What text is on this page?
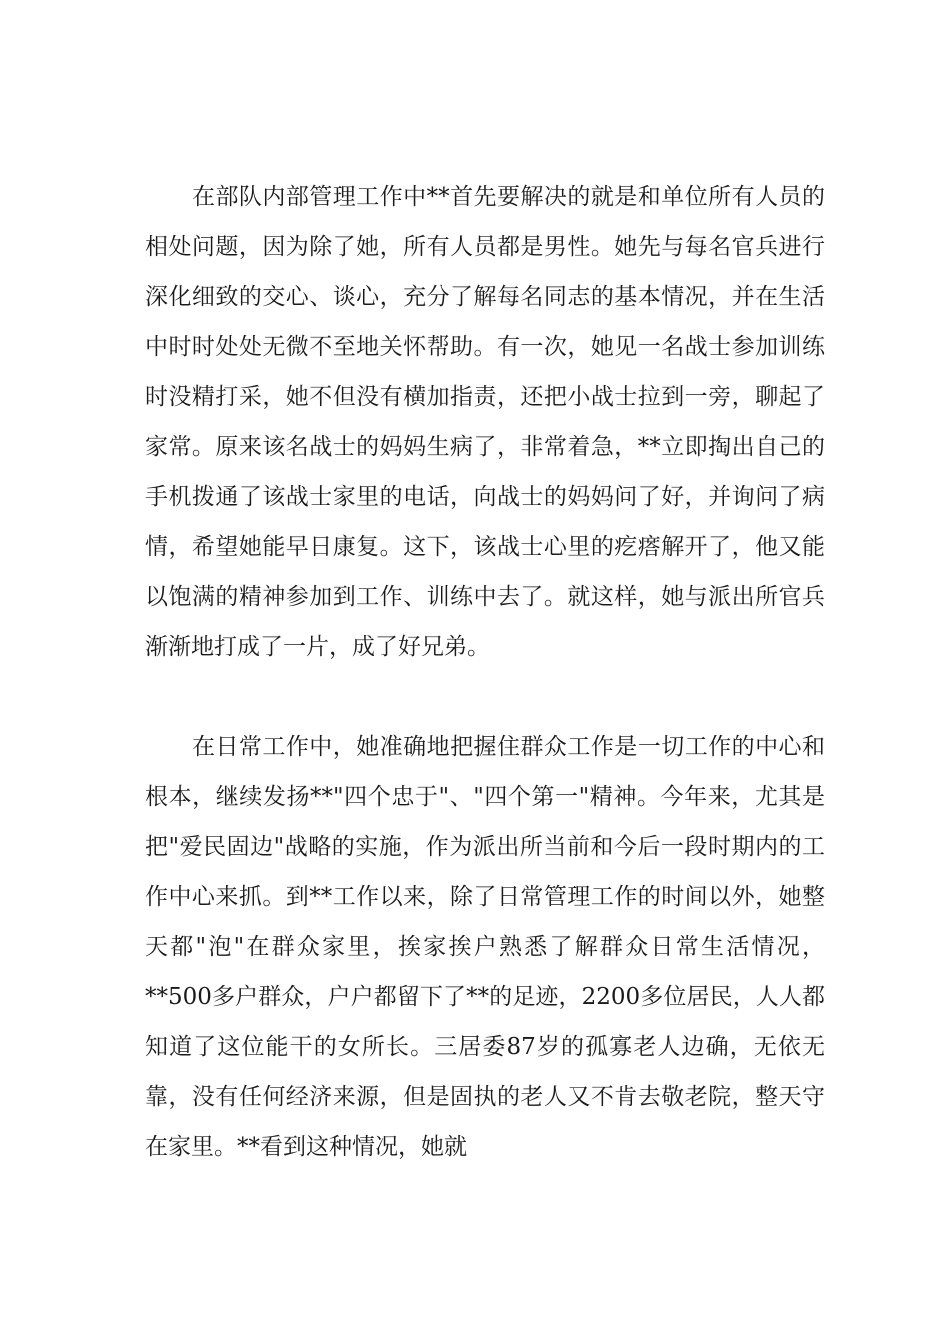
在部队内部管理工作中**首先要解决的就是和单位所有人员的相处问题，因为除了她，所有人员都是男性。她先与每名官兵进行深化细致的交心、谈心，充分了解每名同志的基本情况，并在生活中时时处处无微不至地关怀帮助。有一次，她见一名战士参加训练时没精打采，她不但没有横加指责，还把小战士拉到一旁，聊起了家常。原来该名战士的妈妈生病了，非常着急，**立即掏出自己的手机拨通了该战士家里的电话，向战士的妈妈问了好，并询问了病情，希望她能早日康复。这下，该战士心里的疙瘩解开了，他又能以饱满的精神参加到工作、训练中去了。就这样，她与派出所官兵渐渐地打成了一片，成了好兄弟。

在日常工作中，她准确地把握住群众工作是一切工作的中心和根本，继续发扬**"四个忠于"、"四个第一"精神。今年来，尤其是把"爱民固边"战略的实施，作为派出所当前和今后一段时期内的工作中心来抓。到**工作以来，除了日常管理工作的时间以外，她整天都"泡"在群众家里，挨家挨户熟悉了解群众日常生活情况，**500多户群众，户户都留下了**的足迹，2200多位居民，人人都知道了这位能干的女所长。三居委87岁的孤寡老人边确，无依无靠，没有任何经济来源，但是固执的老人又不肯去敬老院，整天守在家里。**看到这种情况，她就
